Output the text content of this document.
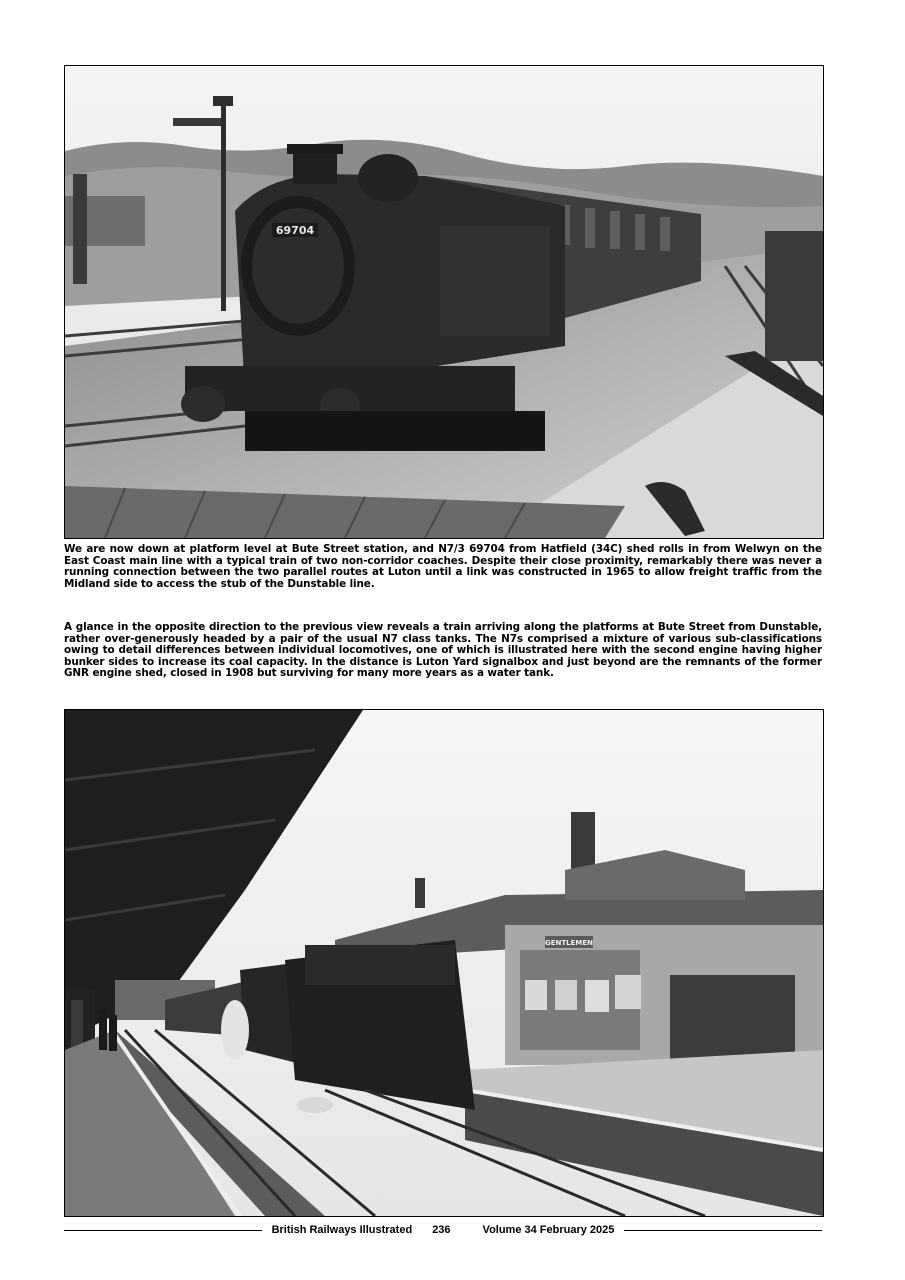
69704

We are now down at platform level at Bute Street station, and N7/3 69704 from Hatfield (34C) shed rolls in from Welwyn on the East Coast main line with a typical train of two non-corridor coaches. Despite their close proximity, remarkably there was never a running connection between the two parallel routes at Luton until a link was constructed in 1965 to allow freight traffic from the Midland side to access the stub of the Dunstable line.

A glance in the opposite direction to the previous view reveals a train arriving along the platforms at Bute Street from Dunstable, rather over-generously headed by a pair of the usual N7 class tanks. The N7s comprised a mixture of various sub-classifications owing to detail differences between individual locomotives, one of which is illustrated here with the second engine having higher bunker sides to increase its coal capacity. In the distance is Luton Yard signalbox and just beyond are the remnants of the former GNR engine shed, closed in 1908 but surviving for many more years as a water tank.

GENTLEMEN
British Railways Illustrated	236	Volume 34 February 2025
